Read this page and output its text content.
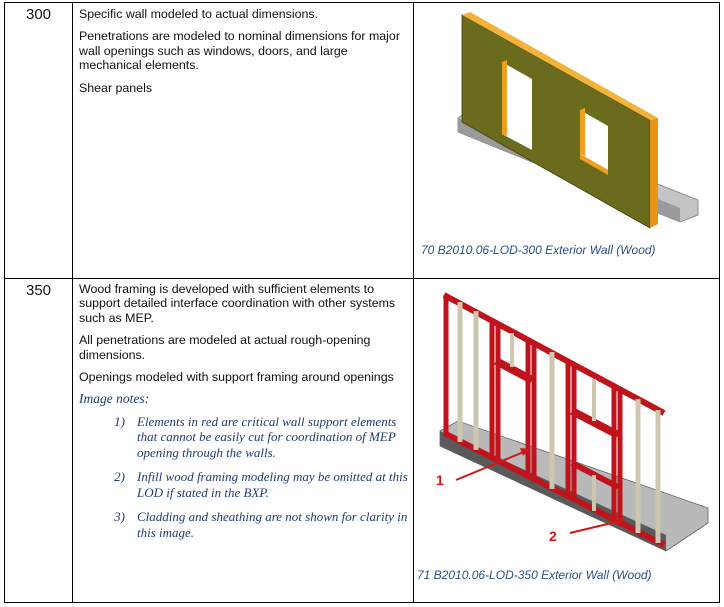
300	Specific wall modeled to actual dimensions.

Penetrations are modeled to nominal dimensions for major wall openings such as windows, doors, and large mechanical elements.

Shear panels

70 B2010.06-LOD-300 Exterior Wall (Wood)
350	Wood framing is developed with sufficient elements to support detailed interface coordination with other systems such as MEP.

All penetrations are modeled at actual rough-opening dimensions.

Openings modeled with support framing around openings

Image notes:
1) Elements in red are critical wall support elements that cannot be easily cut for coordination of MEP opening through the walls.
2) Infill wood framing modeling may be omitted at this LOD if stated in the BXP.
3) Cladding and sheathing are not shown for clarity in this image.
71 B2010.06-LOD-350 Exterior Wall (Wood)
1
2
